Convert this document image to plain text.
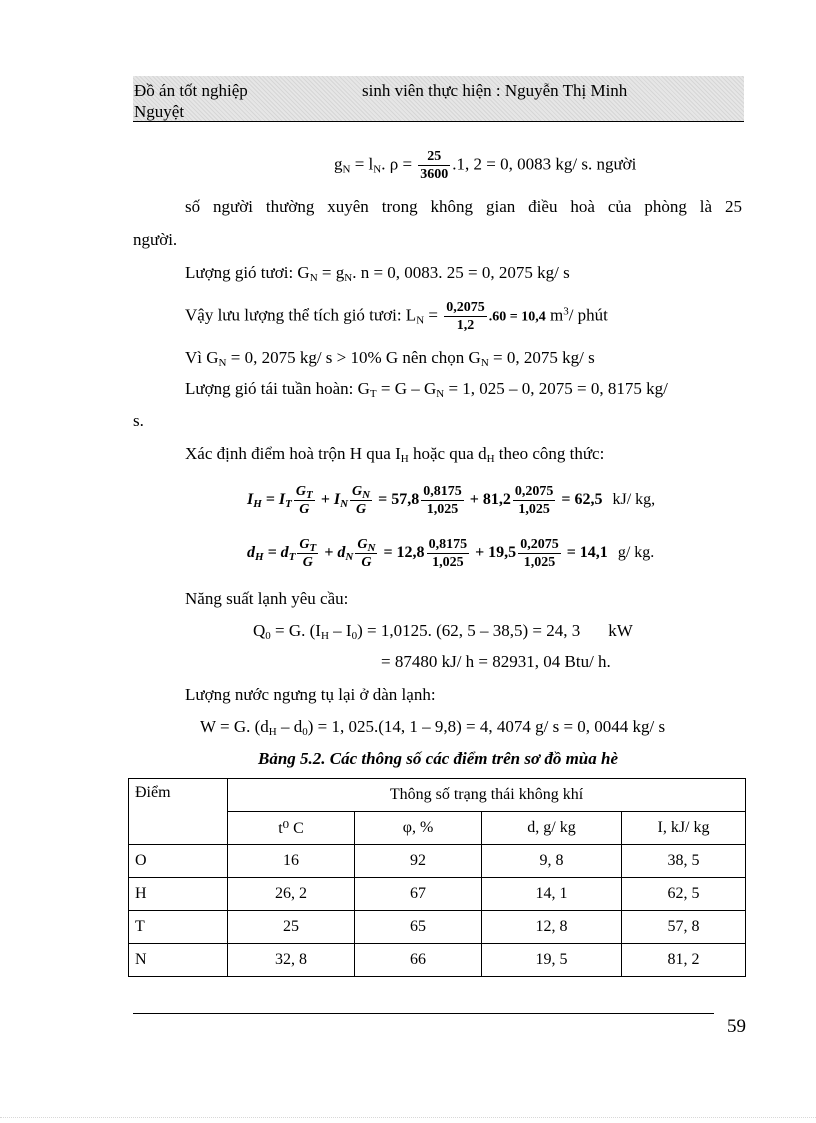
Đồ án tốt nghiệp	sinh viên thực hiện : Nguyễn Thị Minh
Nguyệt
$g_N = l_N$. $\rho = \frac{25}{3600} .1$, 2 = 0, 0083 kg/ s. người
số người thường xuyên trong không gian điều hoà của phòng là 25
người.
Lượng gió tươi: $G_N = g_N$. n = 0, 0083. 25 = 0, 2075 kg/ s
Vậy lưu lượng thể tích gió tươi: $L_N = \frac{0,2075}{1,2} .60 = 10,4$ $m^3/$ phút
Vì $G_N = 0$, 2075 kg/ s > 10% G nên chọn $G_N = 0$, 2075 kg/ s
Lượng gió tái tuần hoàn: $G_T = G - G_N = 1$, 025 – 0, 2075 = 0, 8175 kg/
s.
Xác định điểm hoà trộn H qua $I_H$ hoặc qua $d_H$ theo công thức:
$I_H = I_T \frac{G_T}{G} + I_N \frac{G_N}{G} = 57,8 \frac{0,8175}{1,025} + 81,2 \frac{0,2075}{1,025} = 62,5$ kJ/ kg,
$d_H = d_T \frac{G_T}{G} + d_N \frac{G_N}{G} = 12,8 \frac{0,8175}{1,025} + 19,5 \frac{0,2075}{1,025} = 14,1$ g/ kg.
Năng suất lạnh yêu cầu:
$Q_0 = G$. $(I_H - I_0) = 1,0125$. (62, 5 – 38,5) = 24, 3 kW
= 87480 kJ/ h = 82931, 04 Btu/ h.
Lượng nước ngưng tụ lại ở dàn lạnh:
W = G. $(d_H - d_0) = 1$, 025.(14, 1 – 9,8) = 4, 4074 g/ s = 0, 0044 kg/ s
Bảng 5.2. Các thông số các điểm trên sơ đồ mùa hè
Điểm	Thông số trạng thái không khí			
	t⁰ C	φ, %	d, g/ kg	I, kJ/ kg
O	16	92	9, 8	38, 5
H	26, 2	67	14, 1	62, 5
T	25	65	12, 8	57, 8
N	32, 8	66	19, 5	81, 2
59
